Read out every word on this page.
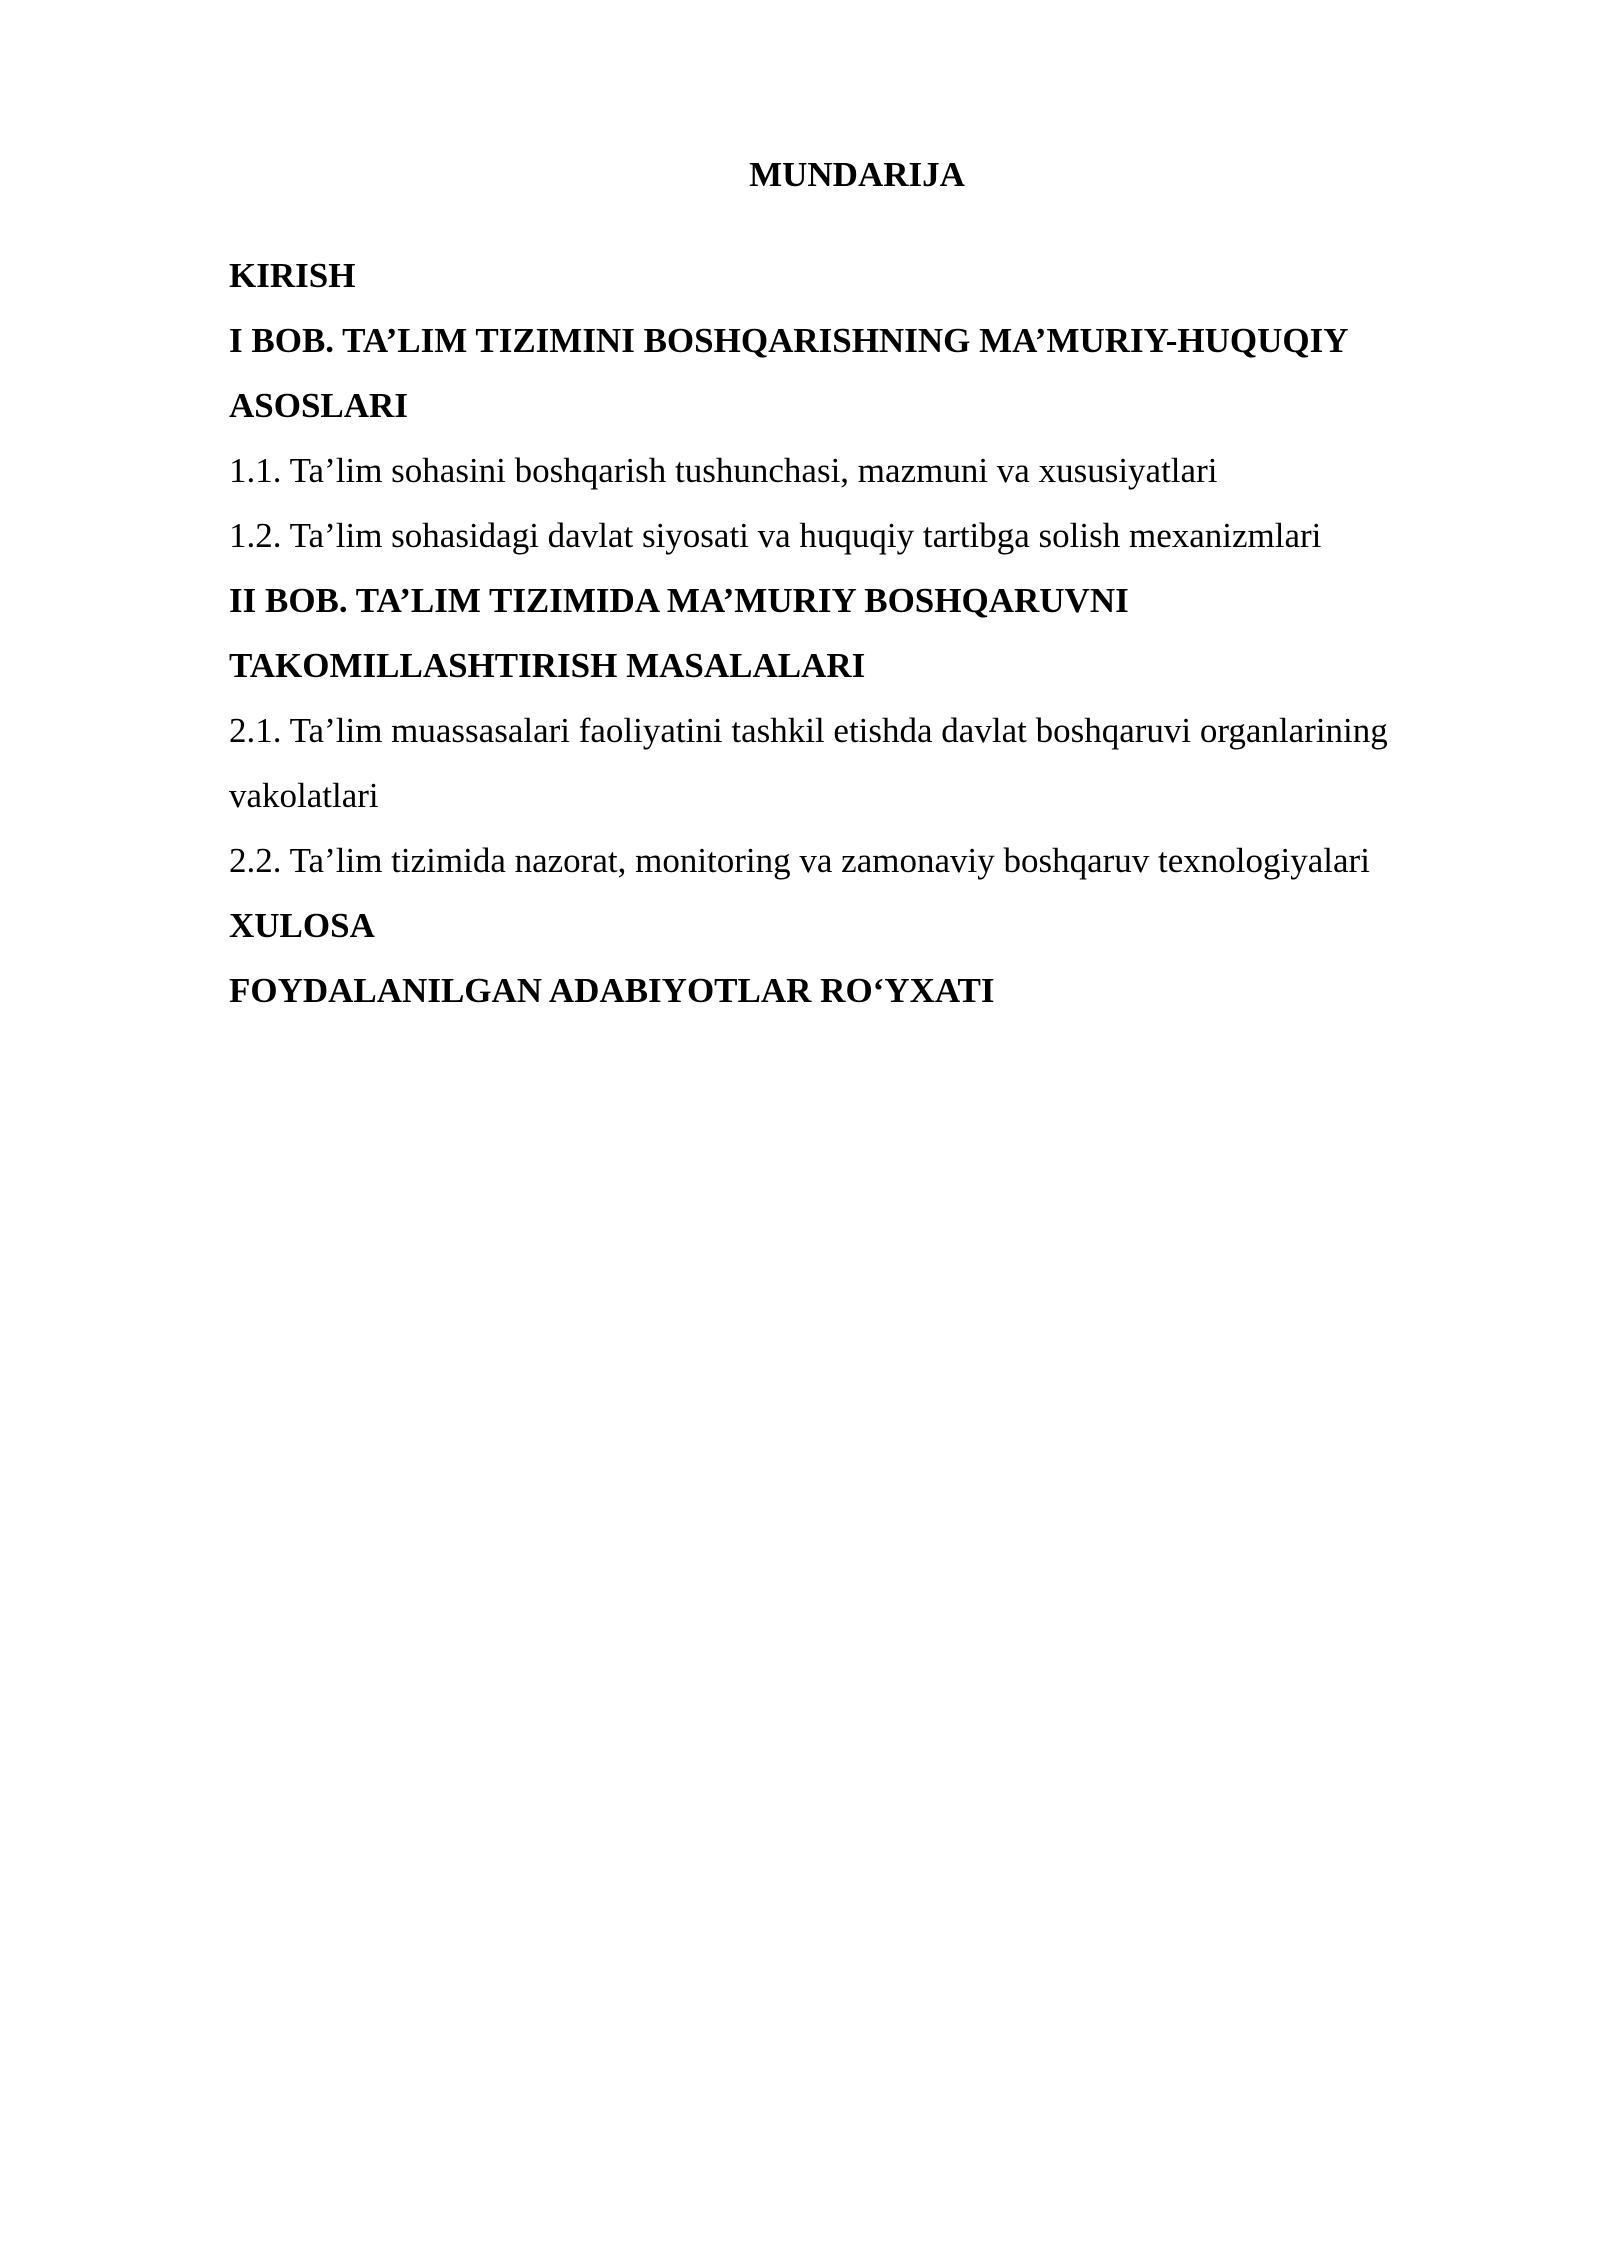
MUNDARIJA
KIRISH
I BOB. TA’LIM TIZIMINI BOSHQARISHNING MA’MURIY-HUQUQIY ASOSLARI
1.1. Ta’lim sohasini boshqarish tushunchasi, mazmuni va xususiyatlari
1.2. Ta’lim sohasidagi davlat siyosati va huquqiy tartibga solish mexanizmlari
II BOB. TA’LIM TIZIMIDA MA’MURIY BOSHQARUVNI TAKOMILLASHTIRISH MASALALARI
2.1. Ta’lim muassasalari faoliyatini tashkil etishda davlat boshqaruvi organlarining vakolatlari
2.2. Ta’lim tizimida nazorat, monitoring va zamonaviy boshqaruv texnologiyalari
XULOSA
FOYDALANILGAN ADABIYOTLAR RO‘YXATI
